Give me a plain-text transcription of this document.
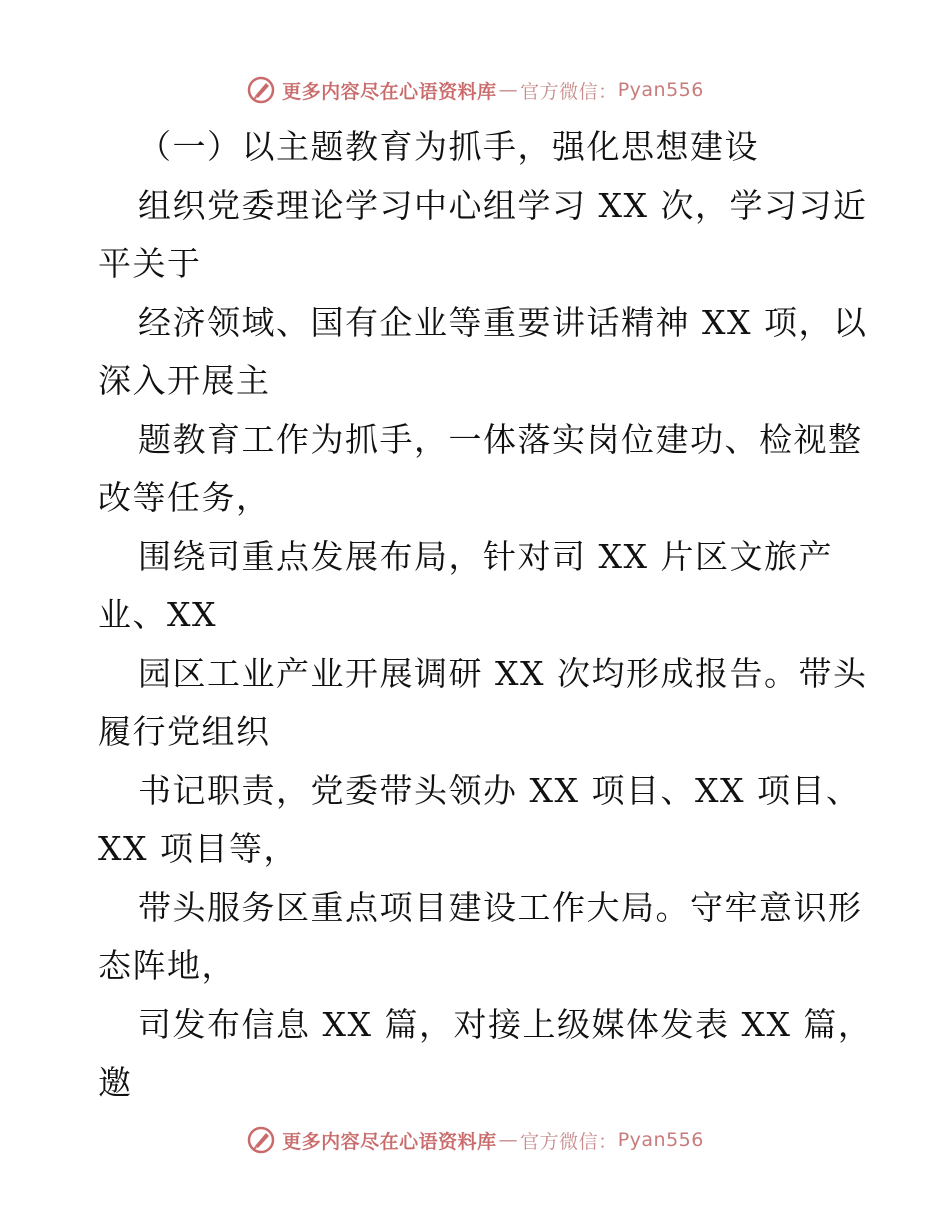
更多内容尽在心语资料库 — 官方微信： Pyan556
（一）以主题教育为抓手，强化思想建设
组织党委理论学习中心组学习 XX 次，学习习近
平关于
经济领域、国有企业等重要讲话精神 XX 项，以
深入开展主
题教育工作为抓手，一体落实岗位建功、检视整
改等任务，
围绕司重点发展布局，针对司 XX 片区文旅产
业、XX
园区工业产业开展调研 XX 次均形成报告。带头
履行党组织
书记职责，党委带头领办 XX 项目、XX 项目、
XX 项目等，
带头服务区重点项目建设工作大局。守牢意识形
态阵地，
司发布信息 XX 篇，对接上级媒体发表 XX 篇，
邀
更多内容尽在心语资料库 — 官方微信： Pyan556
